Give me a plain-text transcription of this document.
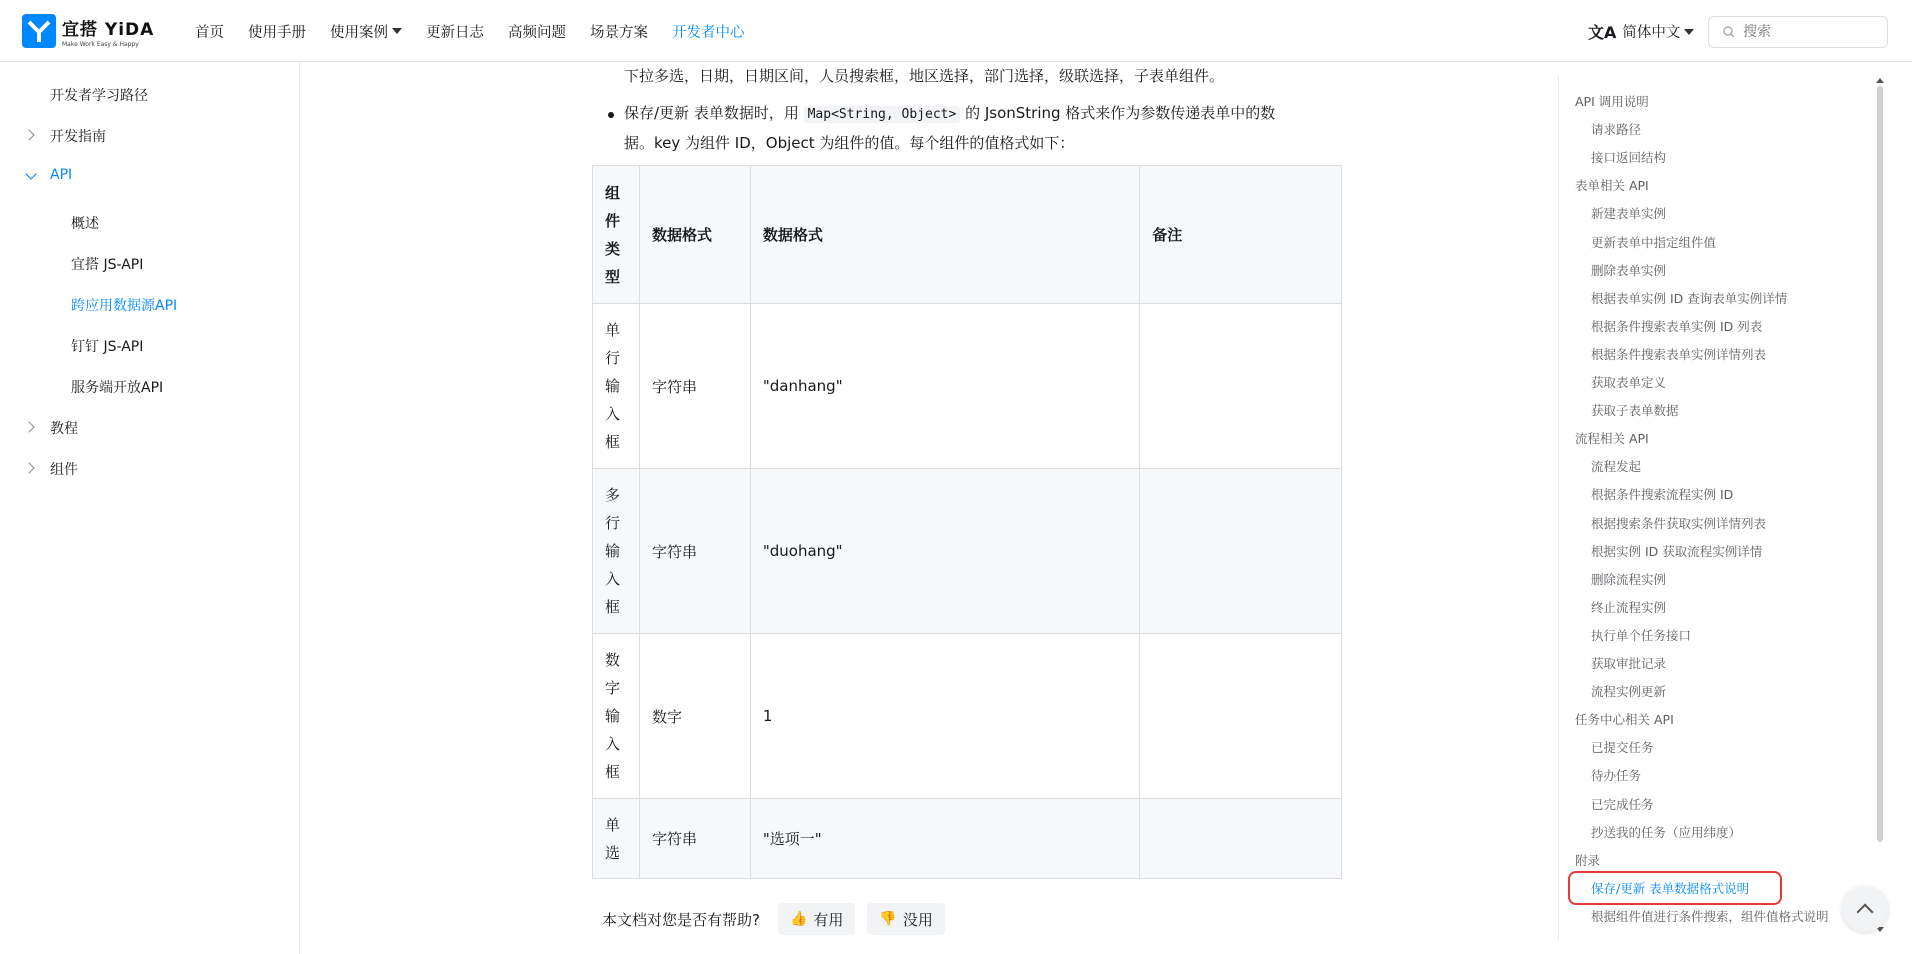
宜搭 YiDA
Make Work Easy & Happy
首页 使用手册 使用案例	更新日志 高频问题 场景方案 开发者中心	文A 简体中文
搜索
开发者学习路径
开发指南
API
概述
宜搭 JS-API
跨应用数据源API
钉钉 JS-API
服务端开放API
教程
组件
下拉多选，日期，日期区间，人员搜索框，地区选择，部门选择，级联选择，子表单组件。
保存/更新 表单数据时，用 Map<String, Object> 的 JsonString 格式来作为参数传递表单中的数
据。key 为组件 ID，Object 为组件的值。每个组件的值格式如下：
组件类型	数据格式	数据格式	备注

单行输入框	字符串	"danhang"	

多行输入框	字符串	"duohang"	

数字输入框	数字	1	

单选	字符串	"选项一"	
本文档对您是否有帮助? 👍 有用	👎 没用
API 调用说明
请求路径
接口返回结构
表单相关 API
新建表单实例
更新表单中指定组件值
删除表单实例
根据表单实例 ID 查询表单实例详情
根据条件搜索表单实例 ID 列表
根据条件搜索表单实例详情列表
获取表单定义
获取子表单数据
流程相关 API
流程发起
根据条件搜索流程实例 ID
根据搜索条件获取实例详情列表
根据实例 ID 获取流程实例详情
删除流程实例
终止流程实例
执行单个任务接口
获取审批记录
流程实例更新
任务中心相关 API
已提交任务
待办任务
已完成任务
抄送我的任务（应用纬度）
附录
保存/更新 表单数据格式说明
根据组件值进行条件搜索，组件值格式说明
